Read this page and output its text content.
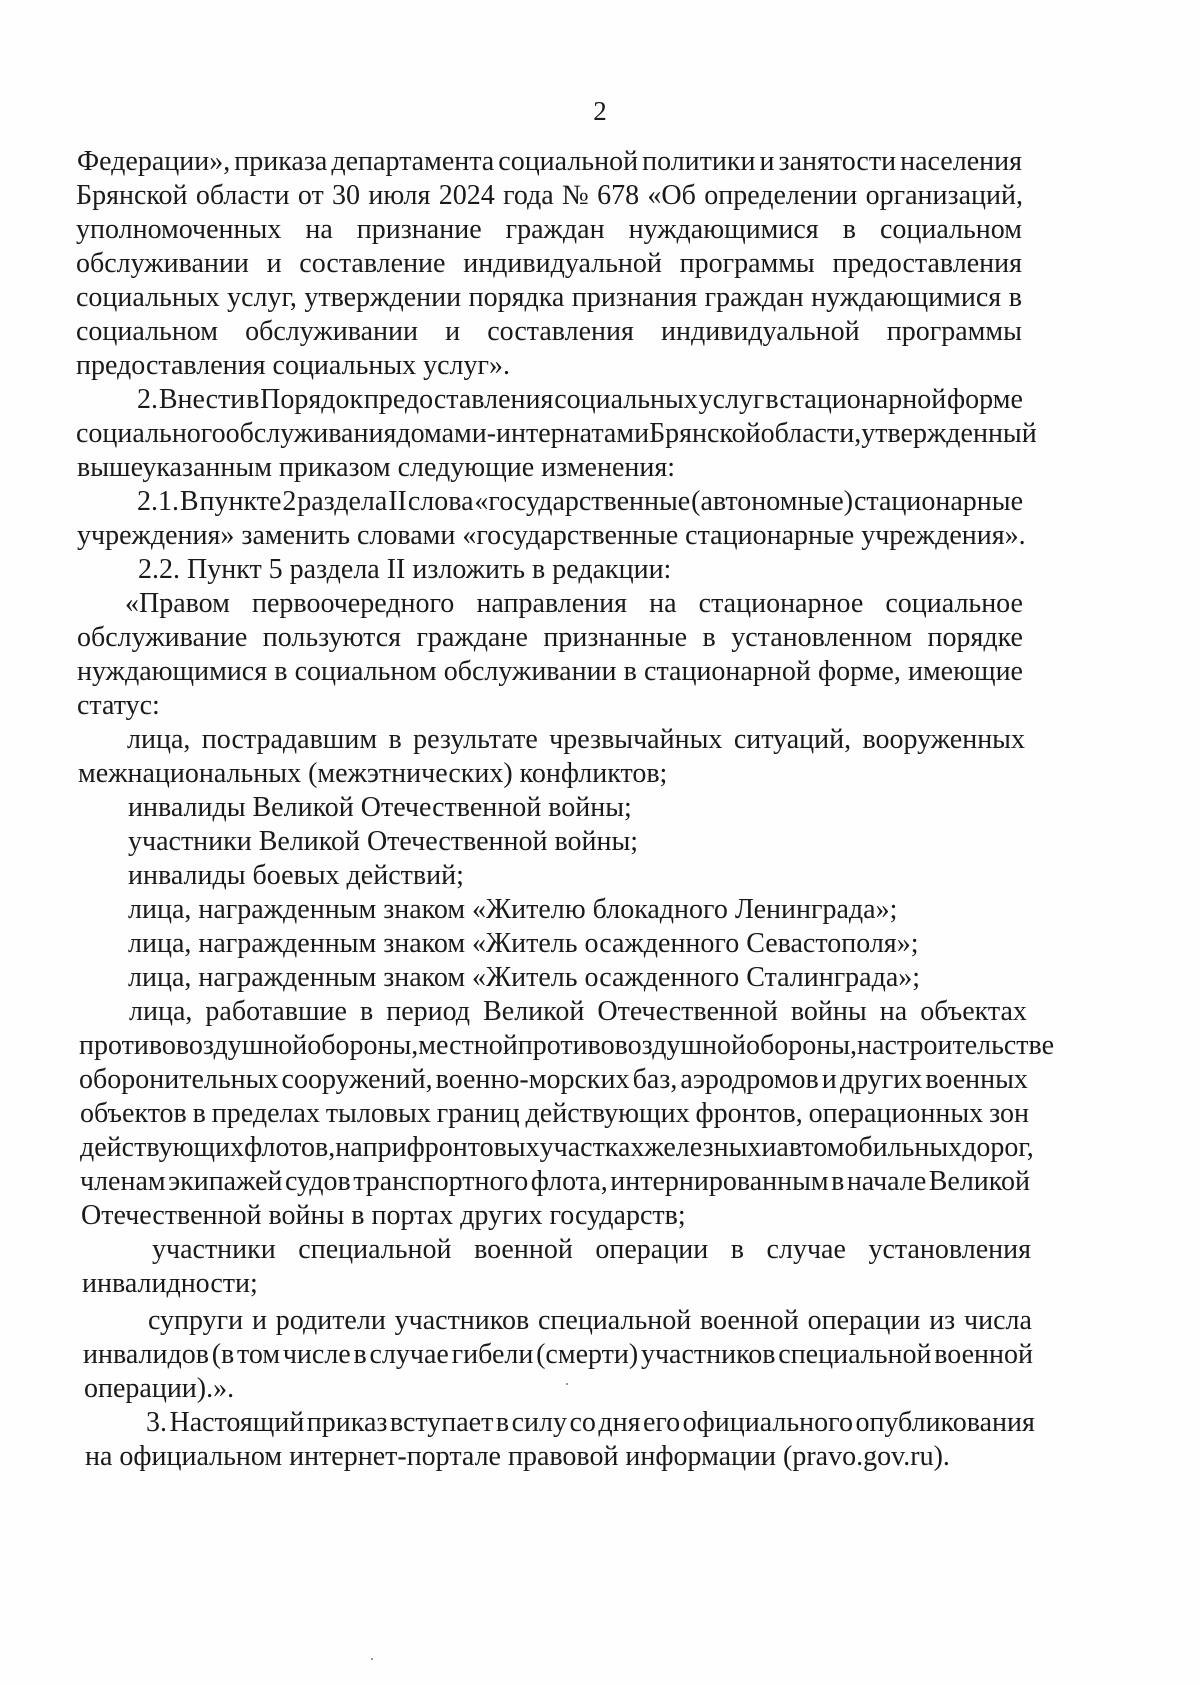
2
Федерации», приказа департамента социальной политики и занятости населения
Брянской области от 30 июля 2024 года № 678 «Об определении организаций,
уполномоченных на признание граждан нуждающимися в социальном
обслуживании и составление индивидуальной программы предоставления
социальных услуг, утверждении порядка признания граждан нуждающимися в
социальном обслуживании и составления индивидуальной программы
предоставления социальных услуг».
2. Внести в Порядок предоставления социальных услуг в стационарной форме
социального обслуживания домами-интернатами Брянской области, утвержденный
вышеуказанным приказом следующие изменения:
2.1. В пункте 2 раздела II слова «государственные (автономные) стационарные
учреждения» заменить словами «государственные стационарные учреждения».
2.2. Пункт 5 раздела II изложить в редакции:
«Правом первоочередного направления на стационарное социальное
обслуживание пользуются граждане признанные в установленном порядке
нуждающимися в социальном обслуживании в стационарной форме, имеющие
статус:
лица, пострадавшим в результате чрезвычайных ситуаций, вооруженных
межнациональных (межэтнических) конфликтов;
инвалиды Великой Отечественной войны;
участники Великой Отечественной войны;
инвалиды боевых действий;
лица, награжденным знаком «Жителю блокадного Ленинграда»;
лица, награжденным знаком «Житель осажденного Севастополя»;
лица, награжденным знаком «Житель осажденного Сталинграда»;
лица, работавшие в период Великой Отечественной войны на объектах
противовоздушной обороны, местной противовоздушной обороны, на строительстве
оборонительных сооружений, военно-морских баз, аэродромов и других военных
объектов в пределах тыловых границ действующих фронтов, операционных зон
действующих флотов, на прифронтовых участках железных и автомобильных дорог,
членам экипажей судов транспортного флота, интернированным в начале Великой
Отечественной войны в портах других государств;
участники специальной военной операции в случае установления
инвалидности;
супруги и родители участников специальной военной операции из числа
инвалидов (в том числе в случае гибели (смерти) участников специальной военной
операции).».
3. Настоящий приказ вступает в силу со дня его официального опубликования
на официальном интернет-портале правовой информации (pravo.gov.ru).
